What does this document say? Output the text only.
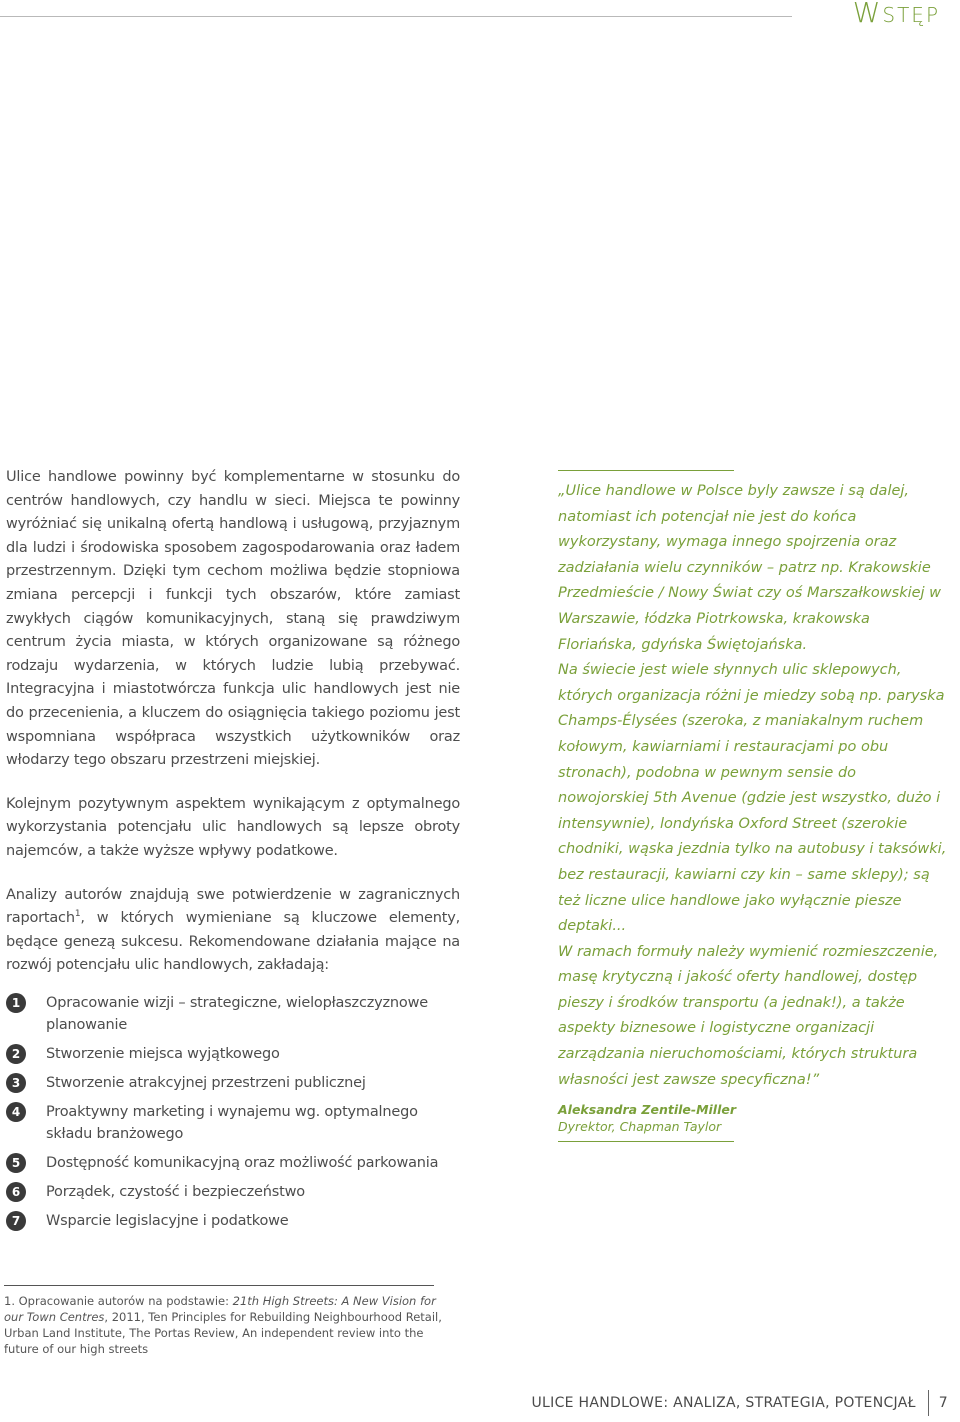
Wstęp

Ulice handlowe powinny być komplementarne w stosunku do centrów handlowych, czy handlu w sieci. Miejsca te powinny wyróżniać się unikalną ofertą handlową i usługową, przyjaznym dla ludzi i środowiska sposobem zagospodarowania oraz ładem przestrzennym. Dzięki tym cechom możliwa będzie stopniowa zmiana percepcji i funkcji tych obszarów, które zamiast zwykłych ciągów komunikacyjnych, staną się prawdziwym centrum życia miasta, w których organizowane są różnego rodzaju wydarzenia, w których ludzie lubią przebywać. Integracyjna i miastotwórcza funkcja ulic handlowych jest nie do przecenienia, a kluczem do osiągnięcia takiego poziomu jest wspomniana współpraca wszystkich użytkowników oraz włodarzy tego obszaru przestrzeni miejskiej.

Kolejnym pozytywnym aspektem wynikającym z optymalnego wykorzystania potencjału ulic handlowych są lepsze obroty najemców, a także wyższe wpływy podatkowe.

Analizy autorów znajdują swe potwierdzenie w zagranicznych raportach$^1$, w których wymieniane są kluczowe elementy, będące genezą sukcesu. Rekomendowane działania mające na rozwój potencjału ulic handlowych, zakładają:

1	Opracowanie wizji – strategiczne, wielopłaszczyznowe planowanie
2	Stworzenie miejsca wyjątkowego
3	Stworzenie atrakcyjnej przestrzeni publicznej
4	Proaktywny marketing i wynajemu wg. optymalnego składu branżowego
5	Dostępność komunikacyjną oraz możliwość parkowania
6	Porządek, czystość i bezpieczeństwo
7	Wsparcie legislacyjne i podatkowe

„Ulice handlowe w Polsce byly zawsze i są dalej, natomiast ich potencjał nie jest do końca wykorzystany, wymaga innego spojrzenia oraz zadziałania wielu czynników – patrz np. Krakowskie Przedmieście / Nowy Świat czy oś Marszałkowskiej w Warszawie, łódzka Piotrkowska, krakowska Floriańska, gdyńska Świętojańska.

Na świecie jest wiele słynnych ulic sklepowych, których organizacja różni je miedzy sobą np. paryska Champs-Élysées (szeroka, z maniakalnym ruchem kołowym, kawiarniami i restauracjami po obu stronach), podobna w pewnym sensie do nowojorskiej 5th Avenue (gdzie jest wszystko, dużo i intensywnie), londyńska Oxford Street (szerokie chodniki, wąska jezdnia tylko na autobusy i taksówki, bez restauracji, kawiarni czy kin – same sklepy); są też liczne ulice handlowe jako wyłącznie piesze deptaki...

W ramach formuły należy wymienić rozmieszczenie, masę krytyczną i jakość oferty handlowej, dostęp pieszy i środków transportu (a jednak!), a także aspekty biznesowe i logistyczne organizacji zarządzania nieruchomościami, których struktura własności jest zawsze specyficzna!”

Aleksandra Zentile-Miller
Dyrektor, Chapman Taylor
1. Opracowanie autorów na podstawie: 21th High Streets: A New Vision for our Town Centres, 2011, Ten Principles for Rebuilding Neighbourhood Retail, Urban Land Institute, The Portas Review, An independent review into the future of our high streets
ULICE HANDLOWE: ANALIZA, STRATEGIA, POTENCJAŁ 7
